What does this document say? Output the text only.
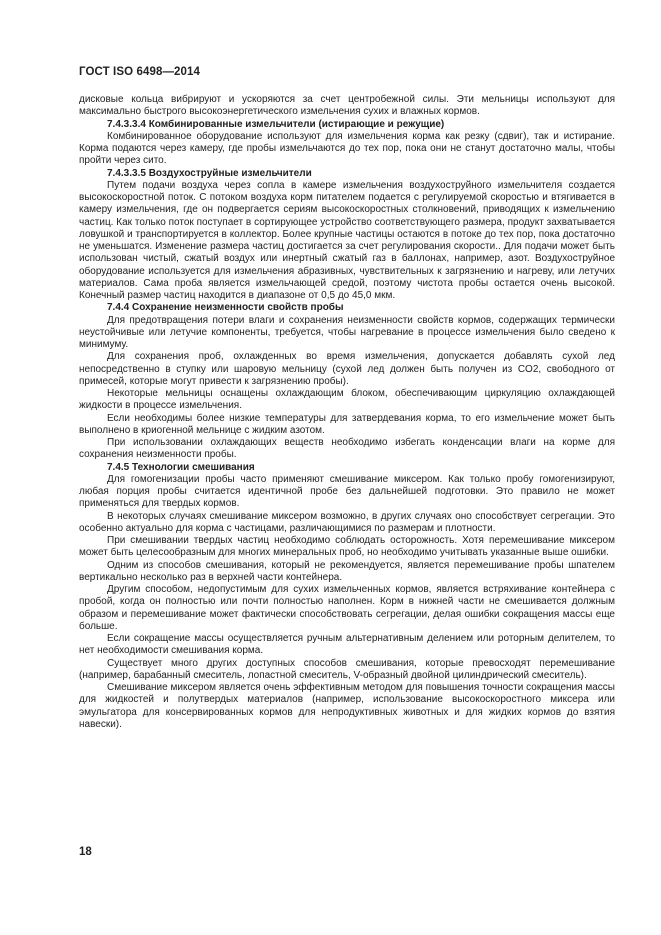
ГОСТ ISO 6498—2014

дисковые кольца вибрируют и ускоряются за счет центробежной силы. Эти мельницы используют для максимально быстрого высокоэнергетического измельчения сухих и влажных кормов.

7.4.3.3.4 Комбинированные измельчители (истирающие и режущие)

Комбинированное оборудование используют для измельчения корма как резку (сдвиг), так и истирание. Корма подаются через камеру, где пробы измельчаются до тех пор, пока они не станут достаточно малы, чтобы пройти через сито.

7.4.3.3.5 Воздухоструйные измельчители

Путем подачи воздуха через сопла в камере измельчения воздухоструйного измельчителя создается высокоскоростной поток. С потоком воздуха корм питателем подается с регулируемой скоростью и втягивается в камеру измельчения, где он подвергается сериям высокоскоростных столкновений, приводящих к измельчению частиц. Как только поток поступает в сортирующее устройство соответствующего размера, продукт захватывается ловушкой и транспортируется в коллектор. Более крупные частицы остаются в потоке до тех пор, пока достаточно не уменьшатся. Изменение размера частиц достигается за счет регулирования скорости.. Для подачи может быть использован чистый, сжатый воздух или инертный сжатый газ в баллонах, например, азот. Воздухоструйное оборудование используется для измельчения абразивных, чувствительных к загрязнению и нагреву, или летучих материалов. Сама проба является измельчающей средой, поэтому чистота пробы остается очень высокой. Конечный размер частиц находится в диапазоне от 0,5 до 45,0 мкм.

7.4.4 Сохранение неизменности свойств пробы

Для предотвращения потери влаги и сохранения неизменности свойств кормов, содержащих термически неустойчивые или летучие компоненты, требуется, чтобы нагревание в процессе измельчения было сведено к минимуму.

Для сохранения проб, охлажденных во время измельчения, допускается добавлять сухой лед непосредственно в ступку или шаровую мельницу (сухой лед должен быть получен из CO2, свободного от примесей, которые могут привести к загрязнению пробы).

Некоторые мельницы оснащены охлаждающим блоком, обеспечивающим циркуляцию охлаждающей жидкости в процессе измельчения.

Если необходимы более низкие температуры для затвердевания корма, то его измельчение может быть выполнено в криогенной мельнице с жидким азотом.

При использовании охлаждающих веществ необходимо избегать конденсации влаги на корме для сохранения неизменности пробы.

7.4.5 Технологии смешивания

Для гомогенизации пробы часто применяют смешивание миксером. Как только пробу гомогенизируют, любая порция пробы считается идентичной пробе без дальнейшей подготовки. Это правило не может применяться для твердых кормов.

В некоторых случаях смешивание миксером возможно, в других случаях оно способствует сегрегации. Это особенно актуально для корма с частицами, различающимися по размерам и плотности.

При смешивании твердых частиц необходимо соблюдать осторожность. Хотя перемешивание миксером может быть целесообразным для многих минеральных проб, но необходимо учитывать указанные выше ошибки.

Одним из способов смешивания, который не рекомендуется, является перемешивание пробы шпателем вертикально несколько раз в верхней части контейнера.

Другим способом, недопустимым для сухих измельченных кормов, является встряхивание контейнера с пробой, когда он полностью или почти полностью наполнен. Корм в нижней части не смешивается должным образом и перемешивание может фактически способствовать сегрегации, делая ошибки сокращения массы еще больше.

Если сокращение массы осуществляется ручным альтернативным делением или роторным делителем, то нет необходимости смешивания корма.

Существует много других доступных способов смешивания, которые превосходят перемешивание (например, барабанный смеситель, лопастной смеситель, V-образный двойной цилиндрический смеситель).

Смешивание миксером является очень эффективным методом для повышения точности сокращения массы для жидкостей и полутвердых материалов (например, использование высокоскоростного миксера или эмульгатора для консервированных кормов для непродуктивных животных и для жидких кормов до взятия навески).

18
